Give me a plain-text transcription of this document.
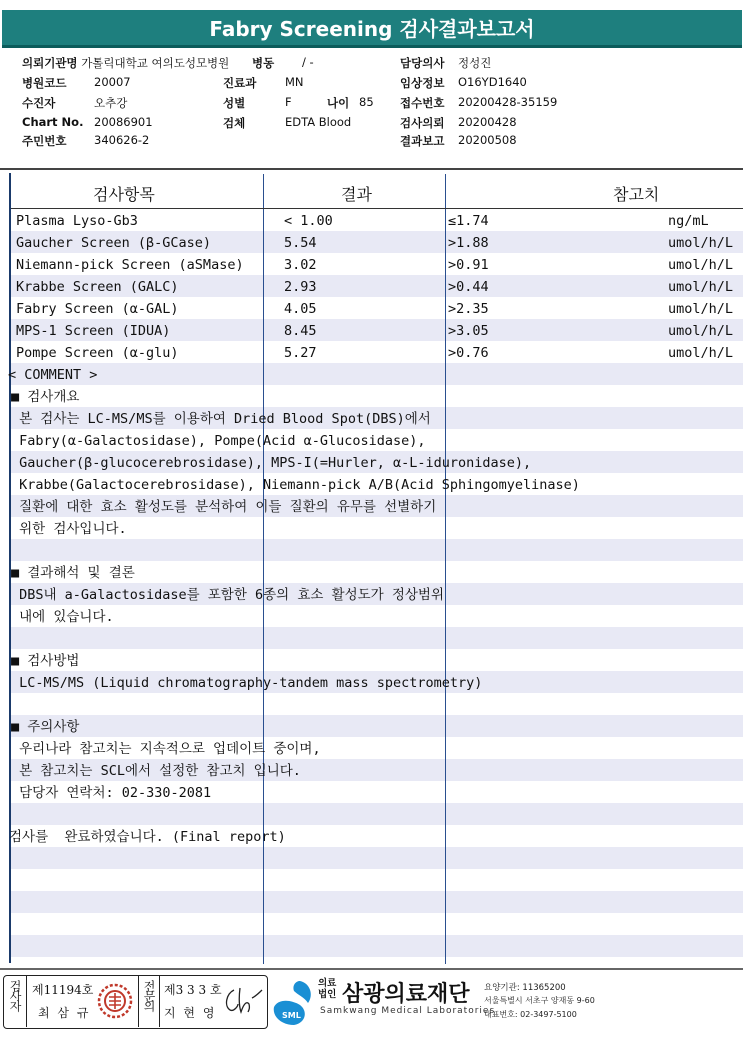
Fabry Screening 검사결과보고서
의뢰기관명 가톨릭대학교 여의도성모병원
병원코드 20007
수진자	오추강
Chart No. 20086901
주민번호 340626-2
병동 / -
진료과 MN
성별	F	나이 85
검체	EDTA Blood
담당의사 정성진
임상정보 O16YD1640
접수번호 20200428-35159
검사의뢰 20200428
결과보고 20200508
검사항목	결과	참고치
Plasma Lyso-Gb3	< 1.00	≤1.74	ng/mL
Gaucher Screen (β-GCase)	5.54	>1.88	umol/h/L
Niemann-pick Screen (aSMase)	3.02	>0.91	umol/h/L
Krabbe Screen (GALC)	2.93	>0.44	umol/h/L
Fabry Screen (α-GAL)	4.05	>2.35	umol/h/L
MPS-1 Screen (IDUA)	8.45	>3.05	umol/h/L
Pompe Screen (α-glu)	5.27	>0.76	umol/h/L
< COMMENT >
■ 검사개요
본 검사는 LC-MS/MS를 이용하여 Dried Blood Spot(DBS)에서
Fabry(α-Galactosidase), Pompe(Acid α-Glucosidase),
Gaucher(β-glucocerebrosidase), MPS-I(=Hurler, α-L-iduronidase),
Krabbe(Galactocerebrosidase), Niemann-pick A/B(Acid Sphingomyelinase)
질환에 대한 효소 활성도를 분석하여 이들 질환의 유무를 선별하기
위한 검사입니다.
■ 결과해석 및 결론
DBS내 a-Galactosidase를 포함한 6종의 효소 활성도가 정상범위
내에 있습니다.
■ 검사방법
LC-MS/MS (Liquid chromatography-tandem mass spectrometry)
■ 주의사항
우리나라 참고치는 지속적으로 업데이트 중이며,
본 참고치는 SCL에서 설정한 참고치 입니다.
담당자 연락처: 02-330-2081
검사를  완료하였습니다. (Final report)
검사자 제11194호
최 삼 규
전문의 제3 3 3 호
지 현 영	SML
의료법인 삼광의료재단
Samkwang Medical Laboratories
요양기관: 11365200
서울특별시 서초구 양재동 9-60
대표번호: 02-3497-5100
